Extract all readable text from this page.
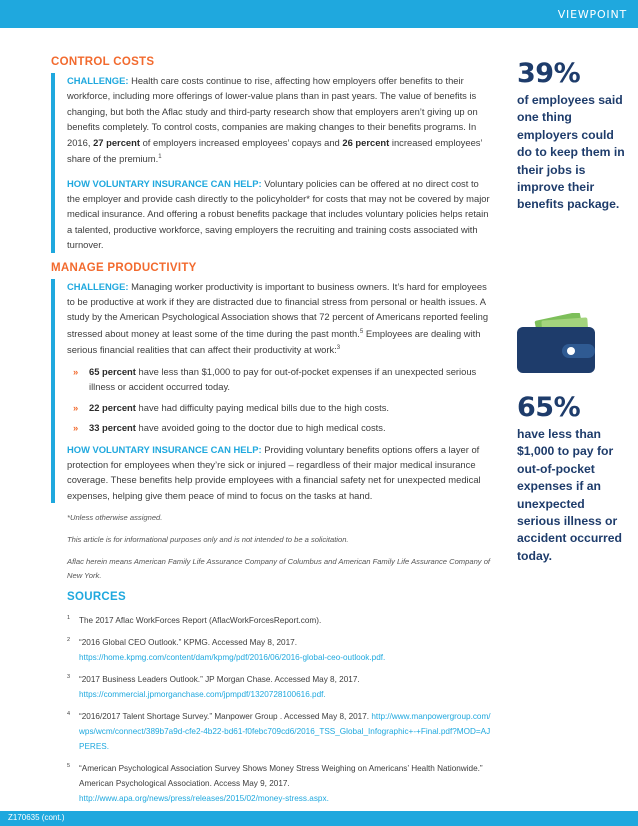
VIEWPOINT
CONTROL COSTS

CHALLENGE: Health care costs continue to rise, affecting how employers offer benefits to their workforce, including more offerings of lower-value plans than in past years. The value of benefits is changing, but both the Aflac study and third-party research show that employers aren’t giving up on benefits completely. To control costs, companies are making changes to their benefits programs. In 2016, 27 percent of employers increased employees’ copays and 26 percent increased employees’ share of the premium.$^1$

HOW VOLUNTARY INSURANCE CAN HELP: Voluntary policies can be offered at no direct cost to the employer and provide cash directly to the policyholder* for costs that may not be covered by major medical insurance. And offering a robust benefits package that includes voluntary policies helps retain a talented, productive workforce, saving employers the recruiting and training costs associated with turnover.

MANAGE PRODUCTIVITY

CHALLENGE: Managing worker productivity is important to business owners. It’s hard for employees to be productive at work if they are distracted due to financial stress from personal or health issues. A study by the American Psychological Association shows that 72 percent of Americans reported feeling stressed about money at least some of the time during the past month.$^5$ Employees are dealing with serious financial realities that can affect their productivity at work:$^3$

» 65 percent have less than $1,000 to pay for out-of-pocket expenses if an unexpected serious illness or accident occurred today.
» 22 percent have had difficulty paying medical bills due to the high costs.
» 33 percent have avoided going to the doctor due to high medical costs.

HOW VOLUNTARY INSURANCE CAN HELP: Providing voluntary benefits options offers a layer of protection for employees when they’re sick or injured – regardless of their major medical insurance coverage. These benefits help provide employees with a financial safety net for unexpected medical expenses, helping give them peace of mind to focus on the tasks at hand.

*Unless otherwise assigned.

This article is for informational purposes only and is not intended to be a solicitation.

Aflac herein means American Family Life Assurance Company of Columbus and American Family Life Assurance Company of New York.

SOURCES
1 The 2017 Aflac WorkForces Report (AflacWorkForcesReport.com).
2 “2016 Global CEO Outlook.” KPMG. Accessed May 8, 2017. https://home.kpmg.com/content/dam/kpmg/pdf/2016/06/2016-global-ceo-outlook.pdf.
3 “2017 Business Leaders Outlook.” JP Morgan Chase. Accessed May 8, 2017. https://commercial.jpmorganchase.com/jpmpdf/1320728100616.pdf.
4 “2016/2017 Talent Shortage Survey.” Manpower Group . Accessed May 8, 2017. http://www.manpowergroup.com/wps/wcm/connect/389b7a9d-cfe2-4b22-bd61-f0febc709cd6/2016_TSS_Global_Infographic+-+Final.pdf?MOD=AJPERES.
5 “American Psychological Association Survey Shows Money Stress Weighing on Americans’ Health Nationwide.” American Psychological Association. Access May 9, 2017. http://www.apa.org/news/press/releases/2015/02/money-stress.aspx.
39%
of employees said one thing employers could do to keep them in their jobs is improve their benefits package.
65%
have less than $1,000 to pay for out-of-pocket expenses if an unexpected serious illness or accident occurred today.
Z170635 (cont.)
